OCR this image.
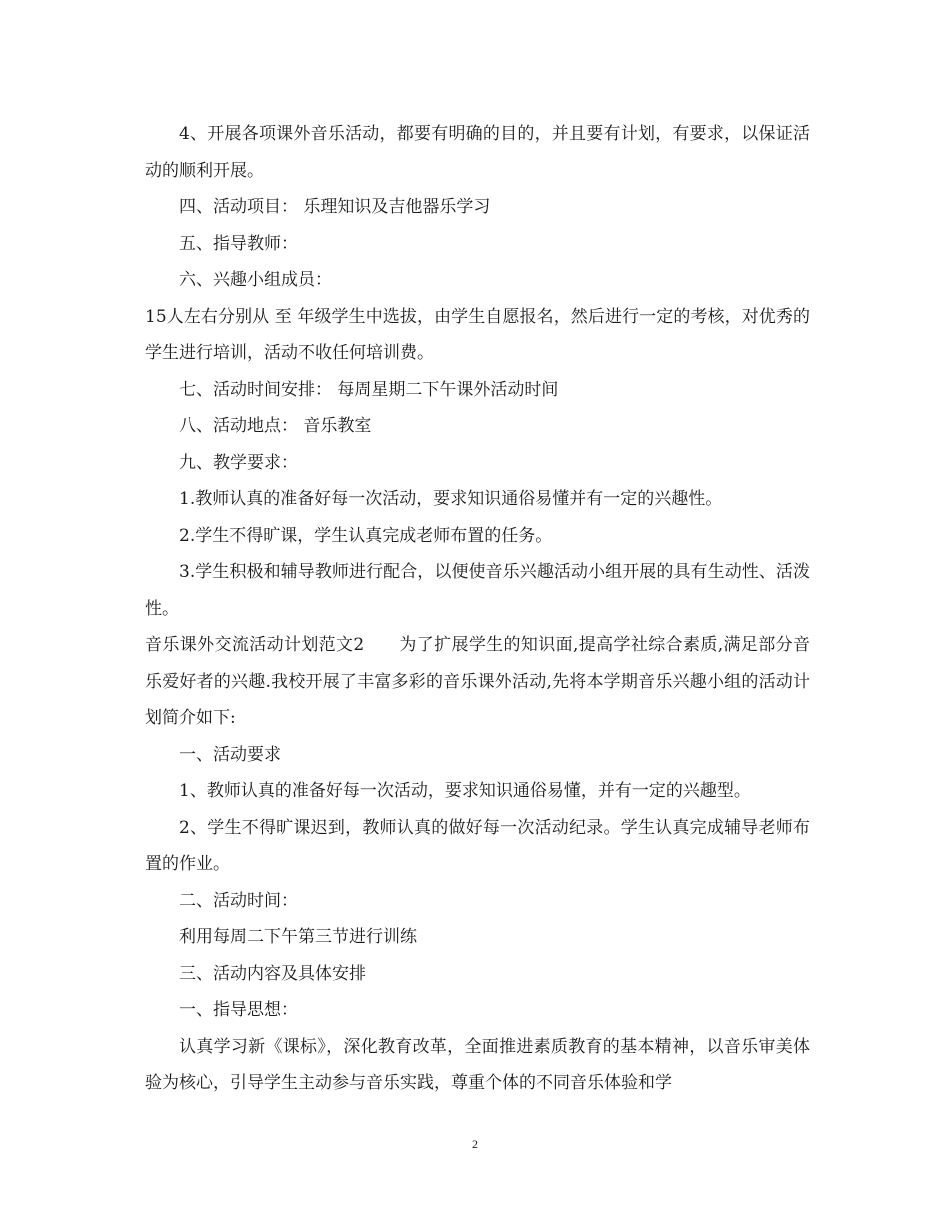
4、开展各项课外音乐活动，都要有明确的目的，并且要有计划，有要求，以保证活动的顺利开展。

四、活动项目： 乐理知识及吉他器乐学习

五、指导教师：

六、兴趣小组成员：

15人左右分别从 至 年级学生中选拔，由学生自愿报名，然后进行一定的考核，对优秀的学生进行培训，活动不收任何培训费。

七、活动时间安排： 每周星期二下午课外活动时间

八、活动地点： 音乐教室

九、教学要求：

1.教师认真的准备好每一次活动，要求知识通俗易懂并有一定的兴趣性。

2.学生不得旷课，学生认真完成老师布置的任务。

3.学生积极和辅导教师进行配合，以便使音乐兴趣活动小组开展的具有生动性、活泼性。

音乐课外交流活动计划范文2　　为了扩展学生的知识面,提高学社综合素质,满足部分音乐爱好者的兴趣.我校开展了丰富多彩的音乐课外活动,先将本学期音乐兴趣小组的活动计划简介如下:

一、活动要求

1、教师认真的准备好每一次活动，要求知识通俗易懂，并有一定的兴趣型。

2、学生不得旷课迟到，教师认真的做好每一次活动纪录。学生认真完成辅导老师布置的作业。

二、活动时间：

利用每周二下午第三节进行训练

三、活动内容及具体安排

一、指导思想：

认真学习新《课标》，深化教育改革，全面推进素质教育的基本精神，以音乐审美体验为核心，引导学生主动参与音乐实践，尊重个体的不同音乐体验和学

2
